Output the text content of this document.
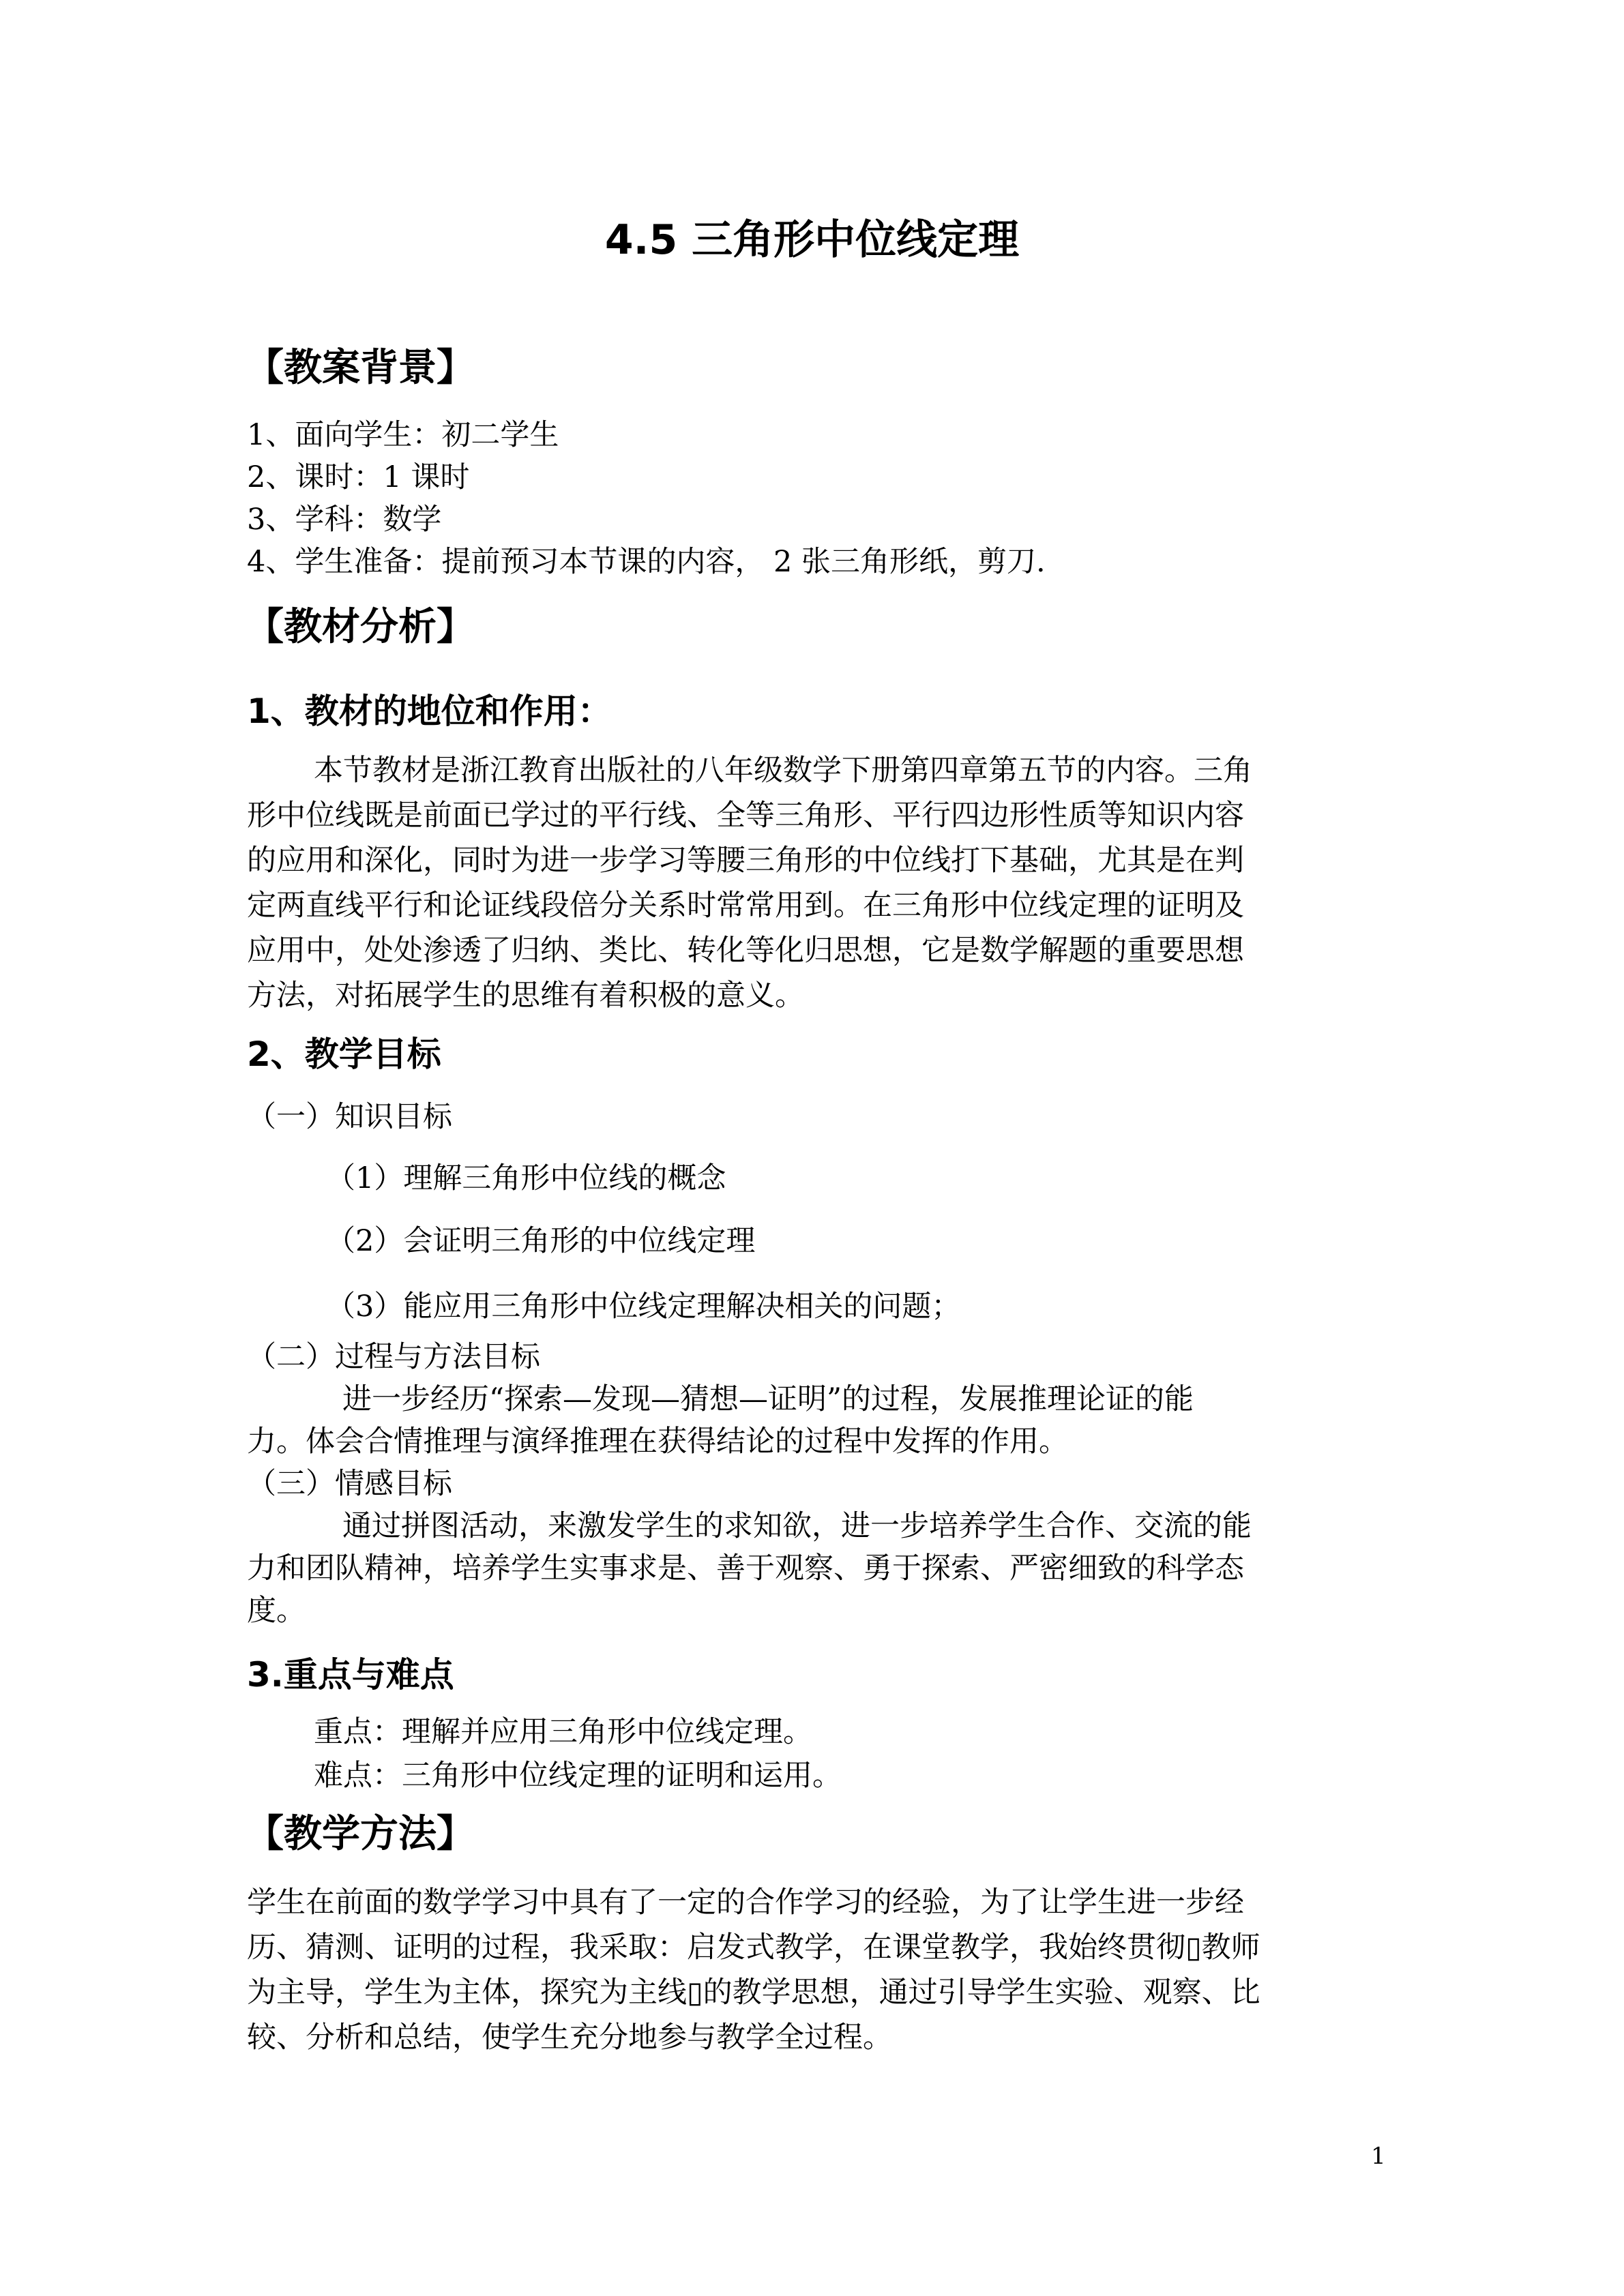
4.5 三角形中位线定理
【教案背景】
1、面向学生：初二学生
2、课时：1 课时
3、学科：数学
4、学生准备：提前预习本节课的内容， 2 张三角形纸，剪刀.
【教材分析】
1、教材的地位和作用：
本节教材是浙江教育出版社的八年级数学下册第四章第五节的内容。三角
形中位线既是前面已学过的平行线、全等三角形、平行四边形性质等知识内容
的应用和深化，同时为进一步学习等腰三角形的中位线打下基础，尤其是在判
定两直线平行和论证线段倍分关系时常常用到。在三角形中位线定理的证明及
应用中，处处渗透了归纳、类比、转化等化归思想，它是数学解题的重要思想
方法，对拓展学生的思维有着积极的意义。
2、教学目标
（一）知识目标
（1）理解三角形中位线的概念
（2）会证明三角形的中位线定理
（3）能应用三角形中位线定理解决相关的问题；
（二）过程与方法目标
进一步经历“探索—发现—猜想—证明”的过程，发展推理论证的能
力。体会合情推理与演绎推理在获得结论的过程中发挥的作用。
（三）情感目标
通过拼图活动，来激发学生的求知欲，进一步培养学生合作、交流的能
力和团队精神，培养学生实事求是、善于观察、勇于探索、严密细致的科学态
度。
3.重点与难点
重点：理解并应用三角形中位线定理。
难点：三角形中位线定理的证明和运用。
【教学方法】
学生在前面的数学学习中具有了一定的合作学习的经验，为了让学生进一步经
历、猜测、证明的过程，我采取：启发式教学，在课堂教学，我始终贯彻▯教师
为主导，学生为主体，探究为主线▯的教学思想，通过引导学生实验、观察、比
较、分析和总结，使学生充分地参与教学全过程。
1
